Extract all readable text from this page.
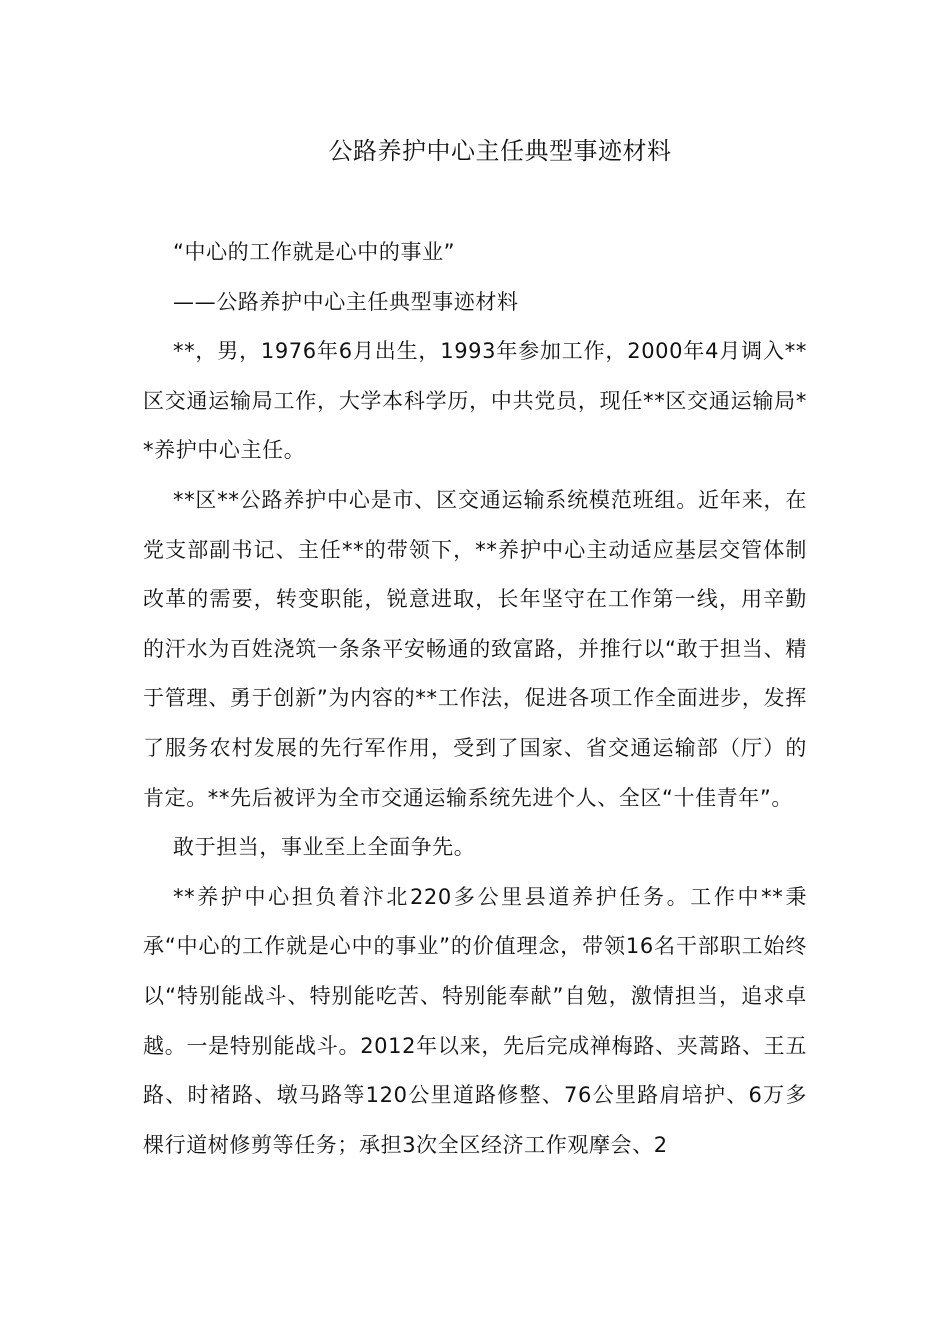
公路养护中心主任典型事迹材料

“中心的工作就是心中的事业”

——公路养护中心主任典型事迹材料

**，男，1976年6月出生，1993年参加工作，2000年4月调入**区交通运输局工作，大学本科学历，中共党员，现任**区交通运输局**养护中心主任。

**区**公路养护中心是市、区交通运输系统模范班组。近年来，在党支部副书记、主任**的带领下，**养护中心主动适应基层交管体制改革的需要，转变职能，锐意进取，长年坚守在工作第一线，用辛勤的汗水为百姓浇筑一条条平安畅通的致富路，并推行以“敢于担当、精于管理、勇于创新”为内容的**工作法，促进各项工作全面进步，发挥了服务农村发展的先行军作用，受到了国家、省交通运输部（厅）的肯定。**先后被评为全市交通运输系统先进个人、全区“十佳青年”。

敢于担当，事业至上全面争先。

**养护中心担负着汴北220多公里县道养护任务。工作中**秉承“中心的工作就是心中的事业”的价值理念，带领16名干部职工始终以“特别能战斗、特别能吃苦、特别能奉献”自勉，激情担当，追求卓越。一是特别能战斗。2012年以来，先后完成禅梅路、夹蒿路、王五路、时褚路、墩马路等120公里道路修整、76公里路肩培护、6万多棵行道树修剪等任务；承担3次全区经济工作观摩会、2
